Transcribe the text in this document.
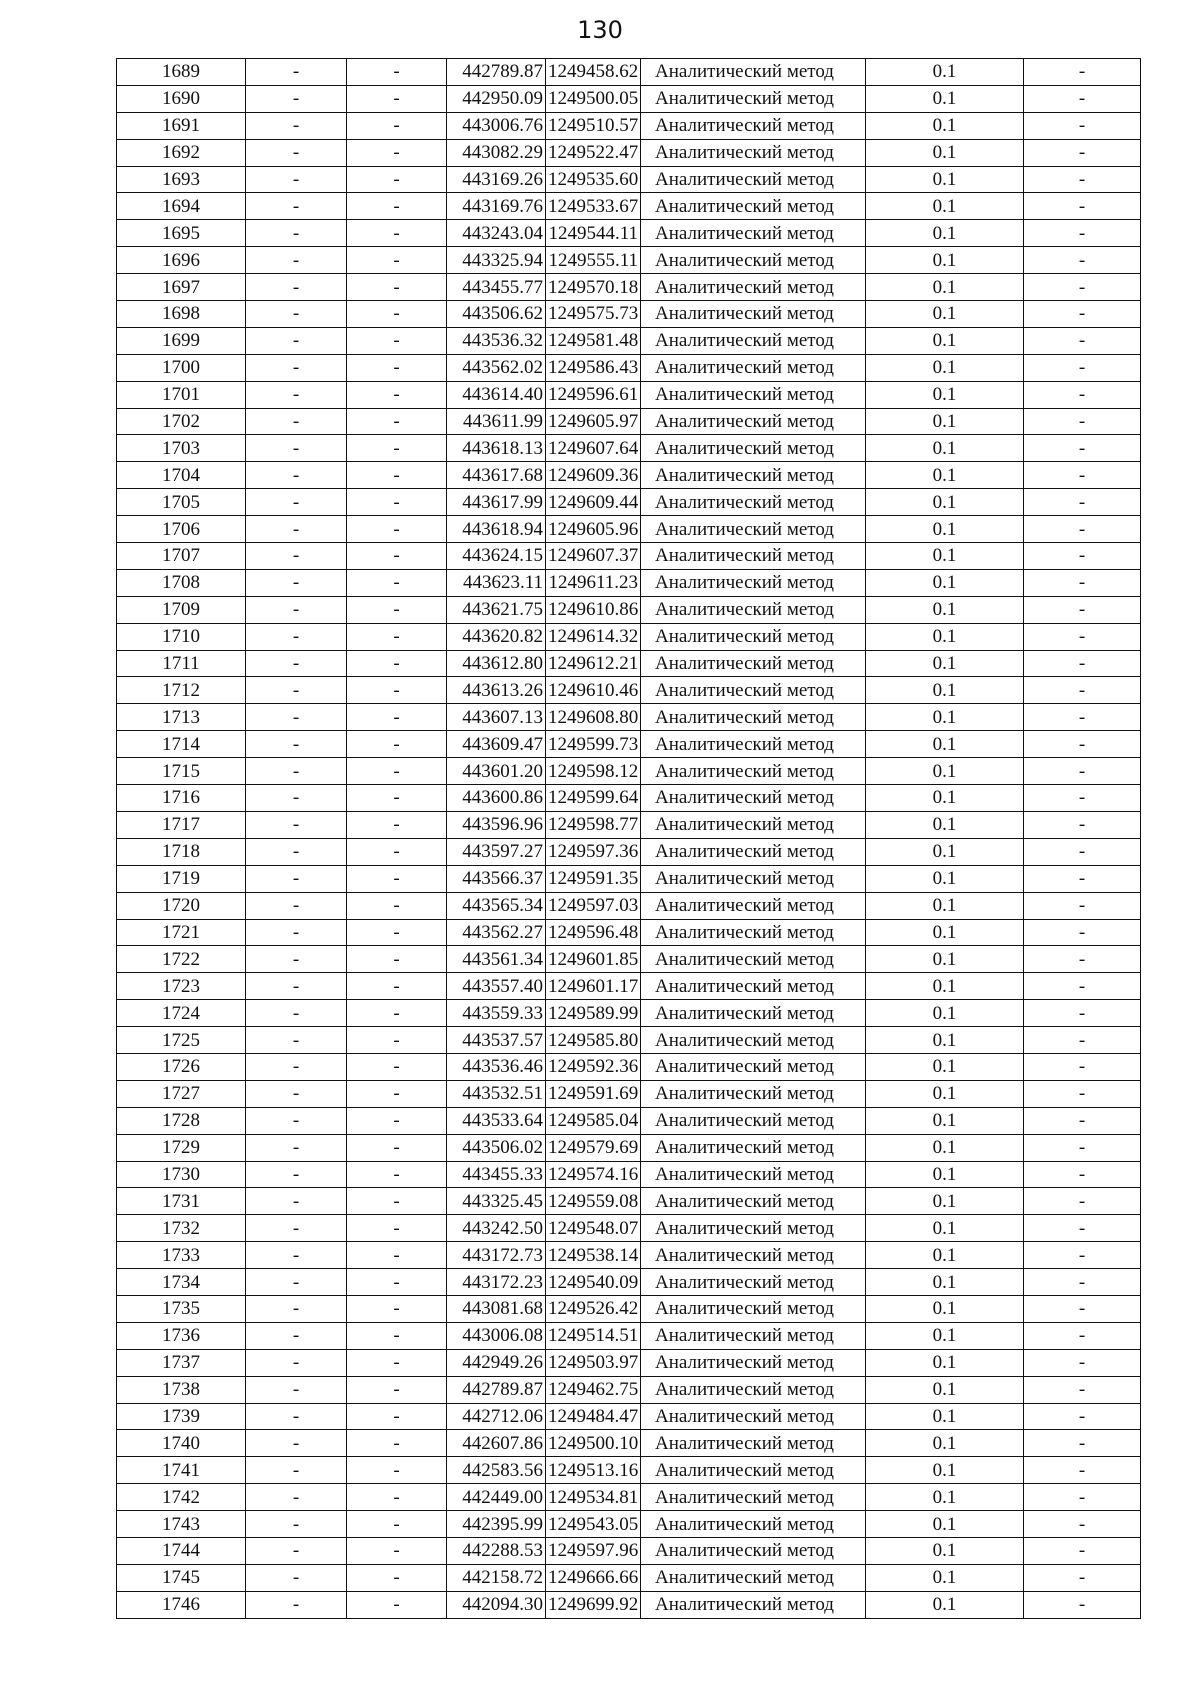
130
1689	-	-	442789.87	1249458.62	Аналитический метод	0.1	-
1690	-	-	442950.09	1249500.05	Аналитический метод	0.1	-
1691	-	-	443006.76	1249510.57	Аналитический метод	0.1	-
1692	-	-	443082.29	1249522.47	Аналитический метод	0.1	-
1693	-	-	443169.26	1249535.60	Аналитический метод	0.1	-
1694	-	-	443169.76	1249533.67	Аналитический метод	0.1	-
1695	-	-	443243.04	1249544.11	Аналитический метод	0.1	-
1696	-	-	443325.94	1249555.11	Аналитический метод	0.1	-
1697	-	-	443455.77	1249570.18	Аналитический метод	0.1	-
1698	-	-	443506.62	1249575.73	Аналитический метод	0.1	-
1699	-	-	443536.32	1249581.48	Аналитический метод	0.1	-
1700	-	-	443562.02	1249586.43	Аналитический метод	0.1	-
1701	-	-	443614.40	1249596.61	Аналитический метод	0.1	-
1702	-	-	443611.99	1249605.97	Аналитический метод	0.1	-
1703	-	-	443618.13	1249607.64	Аналитический метод	0.1	-
1704	-	-	443617.68	1249609.36	Аналитический метод	0.1	-
1705	-	-	443617.99	1249609.44	Аналитический метод	0.1	-
1706	-	-	443618.94	1249605.96	Аналитический метод	0.1	-
1707	-	-	443624.15	1249607.37	Аналитический метод	0.1	-
1708	-	-	443623.11	1249611.23	Аналитический метод	0.1	-
1709	-	-	443621.75	1249610.86	Аналитический метод	0.1	-
1710	-	-	443620.82	1249614.32	Аналитический метод	0.1	-
1711	-	-	443612.80	1249612.21	Аналитический метод	0.1	-
1712	-	-	443613.26	1249610.46	Аналитический метод	0.1	-
1713	-	-	443607.13	1249608.80	Аналитический метод	0.1	-
1714	-	-	443609.47	1249599.73	Аналитический метод	0.1	-
1715	-	-	443601.20	1249598.12	Аналитический метод	0.1	-
1716	-	-	443600.86	1249599.64	Аналитический метод	0.1	-
1717	-	-	443596.96	1249598.77	Аналитический метод	0.1	-
1718	-	-	443597.27	1249597.36	Аналитический метод	0.1	-
1719	-	-	443566.37	1249591.35	Аналитический метод	0.1	-
1720	-	-	443565.34	1249597.03	Аналитический метод	0.1	-
1721	-	-	443562.27	1249596.48	Аналитический метод	0.1	-
1722	-	-	443561.34	1249601.85	Аналитический метод	0.1	-
1723	-	-	443557.40	1249601.17	Аналитический метод	0.1	-
1724	-	-	443559.33	1249589.99	Аналитический метод	0.1	-
1725	-	-	443537.57	1249585.80	Аналитический метод	0.1	-
1726	-	-	443536.46	1249592.36	Аналитический метод	0.1	-
1727	-	-	443532.51	1249591.69	Аналитический метод	0.1	-
1728	-	-	443533.64	1249585.04	Аналитический метод	0.1	-
1729	-	-	443506.02	1249579.69	Аналитический метод	0.1	-
1730	-	-	443455.33	1249574.16	Аналитический метод	0.1	-
1731	-	-	443325.45	1249559.08	Аналитический метод	0.1	-
1732	-	-	443242.50	1249548.07	Аналитический метод	0.1	-
1733	-	-	443172.73	1249538.14	Аналитический метод	0.1	-
1734	-	-	443172.23	1249540.09	Аналитический метод	0.1	-
1735	-	-	443081.68	1249526.42	Аналитический метод	0.1	-
1736	-	-	443006.08	1249514.51	Аналитический метод	0.1	-
1737	-	-	442949.26	1249503.97	Аналитический метод	0.1	-
1738	-	-	442789.87	1249462.75	Аналитический метод	0.1	-
1739	-	-	442712.06	1249484.47	Аналитический метод	0.1	-
1740	-	-	442607.86	1249500.10	Аналитический метод	0.1	-
1741	-	-	442583.56	1249513.16	Аналитический метод	0.1	-
1742	-	-	442449.00	1249534.81	Аналитический метод	0.1	-
1743	-	-	442395.99	1249543.05	Аналитический метод	0.1	-
1744	-	-	442288.53	1249597.96	Аналитический метод	0.1	-
1745	-	-	442158.72	1249666.66	Аналитический метод	0.1	-
1746	-	-	442094.30	1249699.92	Аналитический метод	0.1	-
